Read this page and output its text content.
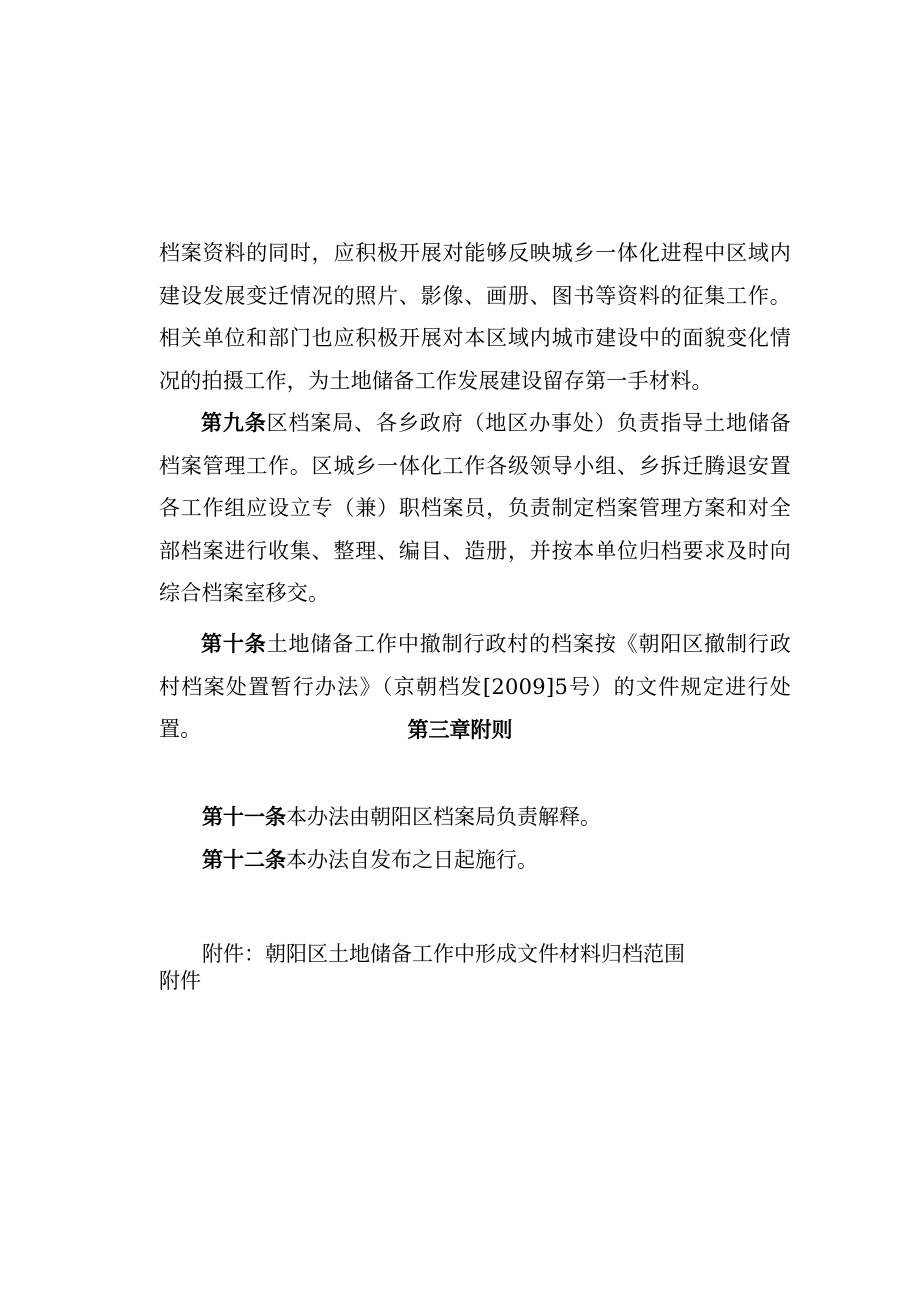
档案资料的同时，应积极开展对能够反映城乡一体化进程中区域内建设发展变迁情况的照片、影像、画册、图书等资料的征集工作。相关单位和部门也应积极开展对本区域内城市建设中的面貌变化情况的拍摄工作，为土地储备工作发展建设留存第一手材料。

第九条区档案局、各乡政府（地区办事处）负责指导土地储备档案管理工作。区城乡一体化工作各级领导小组、乡拆迁腾退安置各工作组应设立专（兼）职档案员，负责制定档案管理方案和对全部档案进行收集、整理、编目、造册，并按本单位归档要求及时向综合档案室移交。

第十条土地储备工作中撤制行政村的档案按《朝阳区撤制行政村档案处置暂行办法》（京朝档发[2009]5号）的文件规定进行处置。	第三章附则
第十一条本办法由朝阳区档案局负责解释。

第十二条本办法自发布之日起施行。
附件：朝阳区土地储备工作中形成文件材料归档范围
附件
